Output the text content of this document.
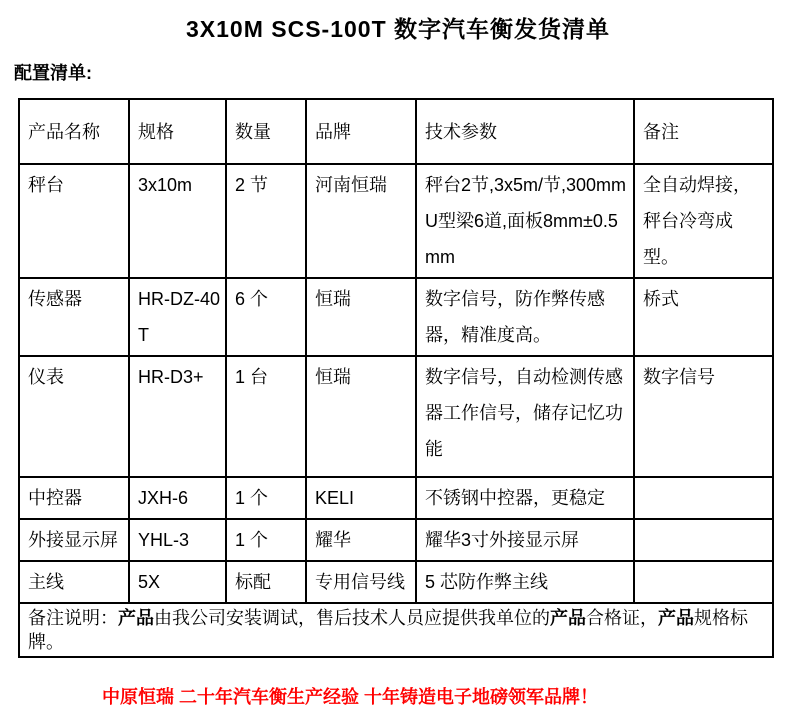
3X10M SCS-100T 数字汽车衡发货清单
配置清单:
产品名称	规格	数量	品牌	技术参数	备注
秤台	3x10m	2 节	河南恒瑞	秤台2节,3x5m/节,300mmU型梁6道,面板8mm±0.5mm	全自动焊接，秤台冷弯成型。
传感器	HR-DZ-40T	6 个	恒瑞	数字信号，防作弊传感器，精准度高。	桥式
仪表	HR-D3+	1 台	恒瑞	数字信号，自动检测传感器工作信号，储存记忆功能	数字信号
中控器	JXH-6	1 个	KELI	不锈钢中控器，更稳定	
外接显示屏	YHL-3	1 个	耀华	耀华3寸外接显示屏	
主线	5X	标配	专用信号线	5 芯防作弊主线	
备注说明：产品由我公司安装调试，售后技术人员应提供我单位的产品合格证，产品规格标牌。					
中原恒瑞 二十年汽车衡生产经验 十年铸造电子地磅领军品牌！
